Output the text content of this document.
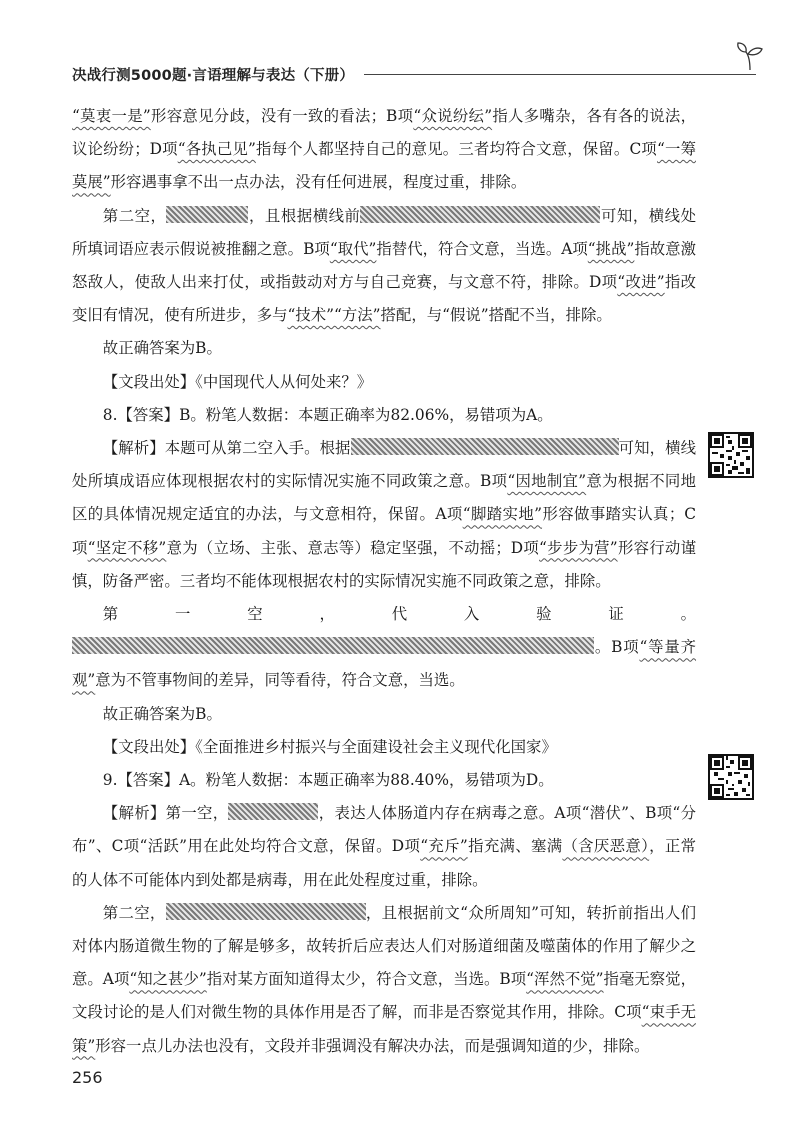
决战行测5000题·言语理解与表达（下册）

“莫衷一是”形容意见分歧，没有一致的看法；B项“众说纷纭”指人多嘴杂，各有各的说法，议论纷纷；D项“各执己见”指每个人都坚持自己的意见。三者均符合文意，保留。C项“一筹莫展”形容遇事拿不出一点办法，没有任何进展，程度过重，排除。

第二空，	，且根据横线前	可知，横线处所填词语应表示假说被推翻之意。B项“取代”指替代，符合文意，当选。A项“挑战”指故意激怒敌人，使敌人出来打仗，或指鼓动对方与自己竞赛，与文意不符，排除。D项“改进”指改变旧有情况，使有所进步，多与“技术”“方法”搭配，与“假说”搭配不当，排除。

故正确答案为B。

【文段出处】《中国现代人从何处来？》

8.【答案】B。粉笔人数据：本题正确率为82.06%，易错项为A。

【解析】本题可从第二空入手。根据	可知，横线处所填成语应体现根据农村的实际情况实施不同政策之意。B项“因地制宜”意为根据不同地区的具体情况规定适宜的办法，与文意相符，保留。A项“脚踏实地”形容做事踏实认真；C项“坚定不移”意为（立场、主张、意志等）稳定坚强，不动摇；D项“步步为营”形容行动谨慎，防备严密。三者均不能体现根据农村的实际情况实施不同政策之意，排除。

第一空，代入验证。。B项“等量齐观”意为不管事物间的差异，同等看待，符合文意，当选。

故正确答案为B。

【文段出处】《全面推进乡村振兴与全面建设社会主义现代化国家》

9.【答案】A。粉笔人数据：本题正确率为88.40%，易错项为D。

【解析】第一空，	，表达人体肠道内存在病毒之意。A项“潜伏”、B项“分布”、C项“活跃”用在此处均符合文意，保留。D项“充斥”指充满、塞满（含厌恶意），正常的人体不可能体内到处都是病毒，用在此处程度过重，排除。

第二空，	，且根据前文“众所周知”可知，转折前指出人们对体内肠道微生物的了解是够多，故转折后应表达人们对肠道细菌及噬菌体的作用了解少之意。A项“知之甚少”指对某方面知道得太少，符合文意，当选。B项“浑然不觉”指毫无察觉，文段讨论的是人们对微生物的具体作用是否了解，而非是否察觉其作用，排除。C项“束手无策”形容一点儿办法也没有，文段并非强调没有解决办法，而是强调知道的少，排除。

256
